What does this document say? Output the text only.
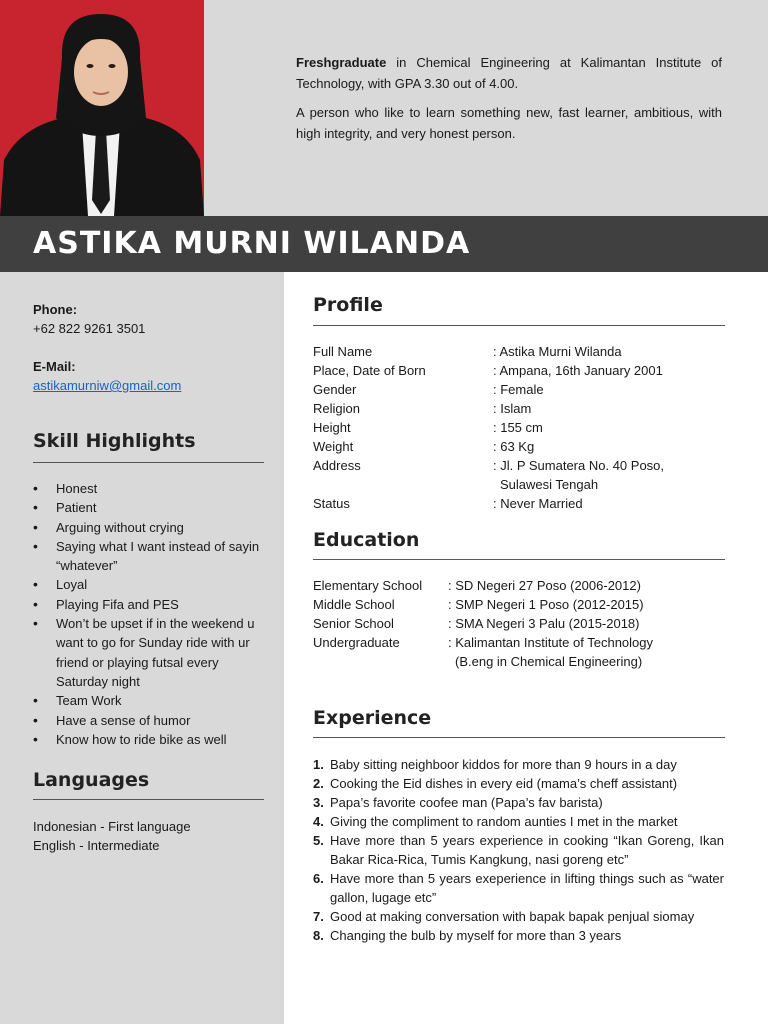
Freshgraduate in Chemical Engineering at Kalimantan Institute of Technology, with GPA 3.30 out of 4.00.

A person who like to learn something new, fast learner, ambitious, with high integrity, and very honest person.

ASTIKA MURNI WILANDA
Phone:
+62 822 9261 3501
E-Mail:
astikamurniw@gmail.com
Skill Highlights
• Honest
• Patient
• Arguing without crying
• Saying what I want instead of sayin “whatever”
• Loyal
• Playing Fifa and PES
• Won’t be upset if in the weekend u want to go for Sunday ride with ur friend or playing futsal every Saturday night
• Team Work
• Have a sense of humor
• Know how to ride bike as well
Languages
Indonesian - First language
English - Intermediate
Profile
Full Name	: Astika Murni Wilanda
Place, Date of Born	: Ampana, 16th January 2001
Gender	: Female
Religion	: Islam
Height	: 155 cm
Weight	: 63 Kg
Address	: Jl. P Sumatera No. 40 Poso,
Sulawesi Tengah
Status	: Never Married
Education
Elementary School	: SD Negeri 27 Poso (2006-2012)
Middle School	: SMP Negeri 1 Poso (2012-2015)
Senior School	: SMA Negeri 3 Palu (2015-2018)
Undergraduate	: Kalimantan Institute of Technology
(B.eng in Chemical Engineering)
Experience
1. Baby sitting neighboor kiddos for more than 9 hours in a day
2. Cooking the Eid dishes in every eid (mama’s cheff assistant)
3. Papa’s favorite coofee man (Papa’s fav barista)
4. Giving the compliment to random aunties I met in the market
5. Have more than 5 years experience in cooking “Ikan Goreng, Ikan Bakar Rica-Rica, Tumis Kangkung, nasi goreng etc”
6. Have more than 5 years exeperience in lifting things such as “water gallon, lugage etc”
7. Good at making conversation with bapak bapak penjual siomay
8. Changing the bulb by myself for more than 3 years
